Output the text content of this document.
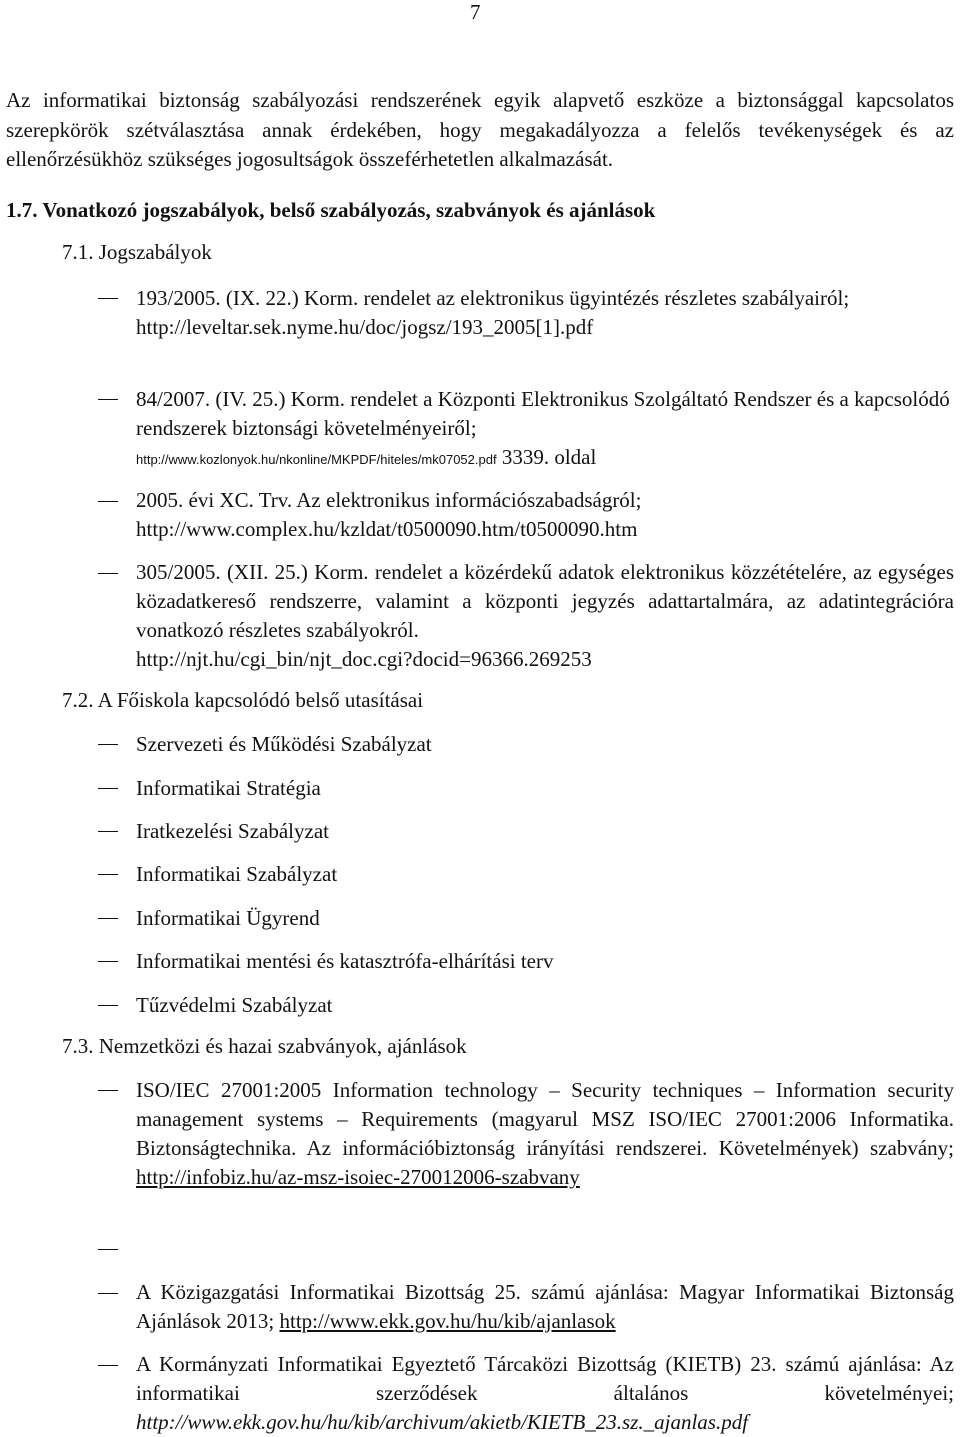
7
Az informatikai biztonság szabályozási rendszerének egyik alapvető eszköze a biztonsággal kapcsolatos szerepkörök szétválasztása annak érdekében, hogy megakadályozza a felelős tevékenységek és az ellenőrzésükhöz szükséges jogosultságok összeférhetetlen alkalmazását.
1.7. Vonatkozó jogszabályok, belső szabályozás, szabványok és ajánlások
7.1. Jogszabályok
193/2005. (IX. 22.) Korm. rendelet az elektronikus ügyintézés részletes szabályairól;
http://leveltar.sek.nyme.hu/doc/jogsz/193_2005[1].pdf
84/2007. (IV. 25.) Korm. rendelet a Központi Elektronikus Szolgáltató Rendszer és a kapcsolódó rendszerek biztonsági követelményeiről;
http://www.kozlonyok.hu/nkonline/MKPDF/hiteles/mk07052.pdf 3339. oldal
2005. évi XC. Trv. Az elektronikus információszabadságról;
http://www.complex.hu/kzldat/t0500090.htm/t0500090.htm
305/2005. (XII. 25.) Korm. rendelet a közérdekű adatok elektronikus közzétételére, az egységes közadatkereső rendszerre, valamint a központi jegyzés adattartalmára, az adatintegrációra vonatkozó részletes szabályokról.
http://njt.hu/cgi_bin/njt_doc.cgi?docid=96366.269253
7.2. A Főiskola kapcsolódó belső utasításai
Szervezeti és Működési Szabályzat
Informatikai Stratégia
Iratkezelési Szabályzat
Informatikai Szabályzat
Informatikai Ügyrend
Informatikai mentési és katasztrófa-elhárítási terv
Tűzvédelmi Szabályzat
7.3. Nemzetközi és hazai szabványok, ajánlások
ISO/IEC 27001:2005 Information technology – Security techniques – Information security management systems – Requirements (magyarul MSZ ISO/IEC 27001:2006 Informatika. Biztonságtechnika. Az információbiztonság irányítási rendszerei. Követelmények) szabvány; http://infobiz.hu/az-msz-isoiec-270012006-szabvany
A Közigazgatási Informatikai Bizottság 25. számú ajánlása: Magyar Informatikai Biztonság Ajánlások 2013; http://www.ekk.gov.hu/hu/kib/ajanlasok
A Kormányzati Informatikai Egyeztető Tárcaközi Bizottság (KIETB) 23. számú ajánlása: Az informatikai szerződések általános követelményei; http://www.ekk.gov.hu/hu/kib/archivum/akietb/KIETB_23.sz._ajanlas.pdf
